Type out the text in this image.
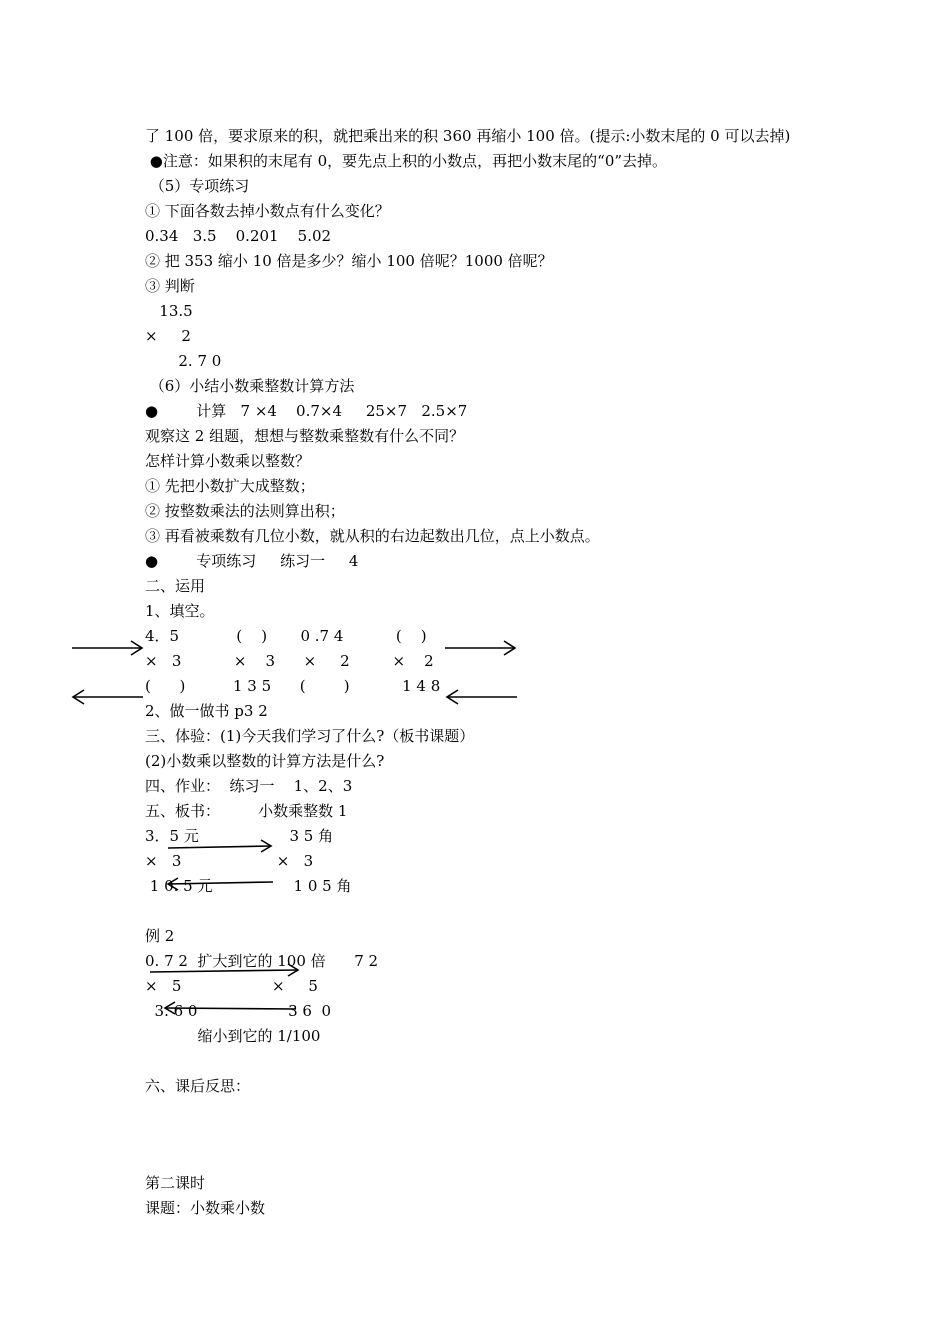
了 100 倍，要求原来的积，就把乘出来的积 360 再缩小 100 倍。(提示:小数末尾的 0 可以去掉)
●注意：如果积的末尾有 0，要先点上积的小数点，再把小数末尾的“0”去掉。
（5）专项练习
① 下面各数去掉小数点有什么变化？
0.34   3.5    0.201    5.02
② 把 353 缩小 10 倍是多少？缩小 100 倍呢？1000 倍呢？
③ 判断
13.5
×     2
2. 7 0
（6）小结小数乘整数计算方法
●        计算   7 ×4    0.7×4     25×7   2.5×7
观察这 2 组题，想想与整数乘整数有什么不同？
怎样计算小数乘以整数？
① 先把小数扩大成整数；
② 按整数乘法的法则算出积；
③ 再看被乘数有几位小数，就从积的右边起数出几位，点上小数点。
●        专项练习     练习一     4
二、运用
1、填空。
4．5            (    )       0 .7 4           (    )
×   3           ×    3      ×     2         ×    2
(      )          1 3 5      (        )           1 4 8
2、做一做书 p3 2
三、体验：(1)今天我们学习了什么?（板书课题）
(2)小数乘以整数的计算方法是什么?
四、作业：  练习一    1、2、3
五、板书：        小数乘整数 1
3．5 元                   3 5 角
×   3                    ×   3
1 0. 5 元                 1 0 5 角
例 2
0. 7 2  扩大到它的 100 倍      7 2
×   5                   ×     5
3. 6 0                   3 6  0
缩小到它的 1/100
六、课后反思：
第二课时
课题：小数乘小数
